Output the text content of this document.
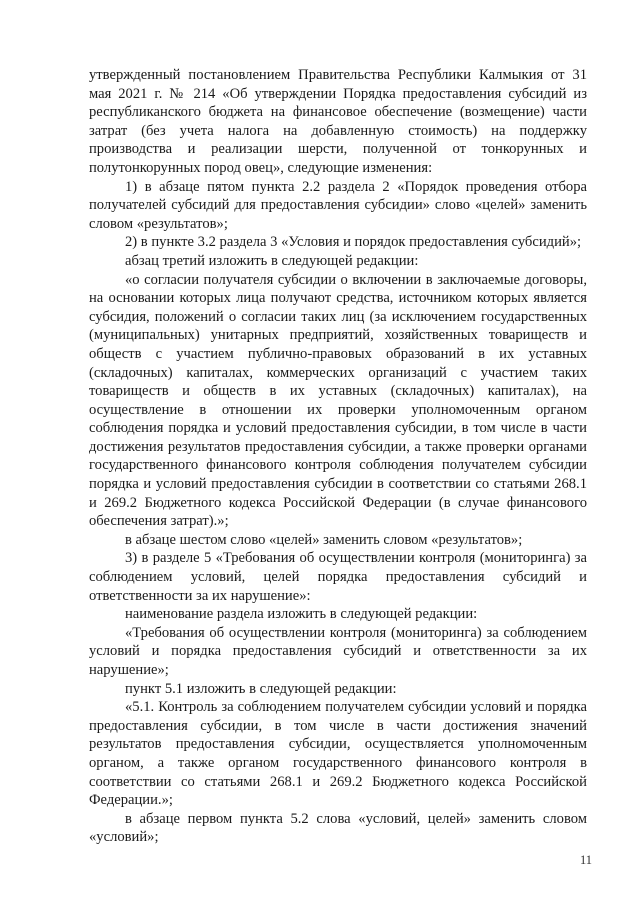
утвержденный постановлением Правительства Республики Калмыкия от 31 мая 2021 г. № 214 «Об утверждении Порядка предоставления субсидий из республиканского бюджета на финансовое обеспечение (возмещение) части затрат (без учета налога на добавленную стоимость) на поддержку производства и реализации шерсти, полученной от тонкорунных и полутонкорунных пород овец», следующие изменения:

1) в абзаце пятом пункта 2.2 раздела 2 «Порядок проведения отбора получателей субсидий для предоставления субсидии» слово «целей» заменить словом «результатов»;

2) в пункте 3.2 раздела 3 «Условия и порядок предоставления субсидий»;

абзац третий изложить в следующей редакции:

«о согласии получателя субсидии о включении в заключаемые договоры, на основании которых лица получают средства, источником которых является субсидия, положений о согласии таких лиц (за исключением государственных (муниципальных) унитарных предприятий, хозяйственных товариществ и обществ с участием публично-правовых образований в их уставных (складочных) капиталах, коммерческих организаций с участием таких товариществ и обществ в их уставных (складочных) капиталах), на осуществление в отношении их проверки уполномоченным органом соблюдения порядка и условий предоставления субсидии, в том числе в части достижения результатов предоставления субсидии, а также проверки органами государственного финансового контроля соблюдения получателем субсидии порядка и условий предоставления субсидии в соответствии со статьями 268.1 и 269.2 Бюджетного кодекса Российской Федерации (в случае финансового обеспечения затрат).»;

в абзаце шестом слово «целей» заменить словом «результатов»;

3) в разделе 5 «Требования об осуществлении контроля (мониторинга) за соблюдением условий, целей порядка предоставления субсидий и ответственности за их нарушение»:

наименование раздела изложить в следующей редакции:

«Требования об осуществлении контроля (мониторинга) за соблюдением условий и порядка предоставления субсидий и ответственности за их нарушение»;

пункт 5.1 изложить в следующей редакции:

«5.1. Контроль за соблюдением получателем субсидии условий и порядка предоставления субсидии, в том числе в части достижения значений результатов предоставления субсидии, осуществляется уполномоченным органом, а также органом государственного финансового контроля в соответствии со статьями 268.1 и 269.2 Бюджетного кодекса Российской Федерации.»;

в абзаце первом пункта 5.2 слова «условий, целей» заменить словом «условий»;

11
